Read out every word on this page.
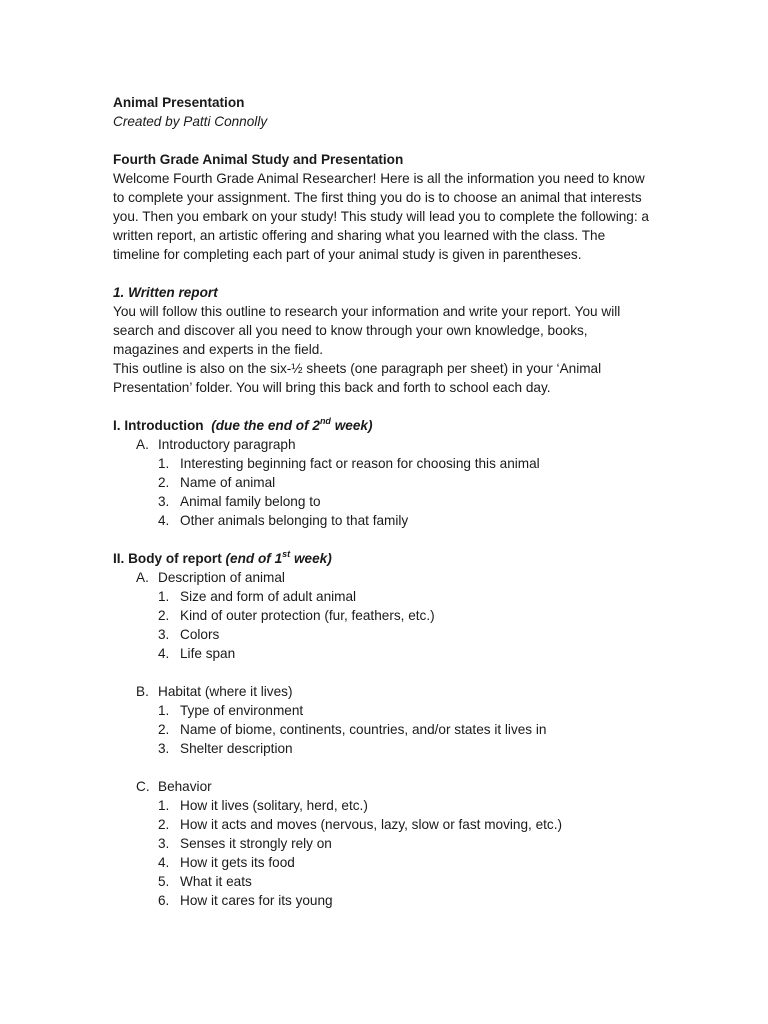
Animal Presentation

Created by Patti Connolly

Fourth Grade Animal Study and Presentation

Welcome Fourth Grade Animal Researcher! Here is all the information you need to know to complete your assignment. The first thing you do is to choose an animal that interests you. Then you embark on your study! This study will lead you to complete the following: a written report, an artistic offering and sharing what you learned with the class. The timeline for completing each part of your animal study is given in parentheses.

1. Written report

You will follow this outline to research your information and write your report. You will search and discover all you need to know through your own knowledge, books, magazines and experts in the field.

This outline is also on the six-½ sheets (one paragraph per sheet) in your ‘Animal Presentation’ folder. You will bring this back and forth to school each day.

I. Introduction (due the end of 2nd week)

A. Introductory paragraph
1. Interesting beginning fact or reason for choosing this animal
2. Name of animal
3. Animal family belong to
4. Other animals belonging to that family

II. Body of report (end of 1st week)

A. Description of animal
1. Size and form of adult animal
2. Kind of outer protection (fur, feathers, etc.)
3. Colors
4. Life span
B. Habitat (where it lives)
1. Type of environment
2. Name of biome, continents, countries, and/or states it lives in
3. Shelter description
C. Behavior
1. How it lives (solitary, herd, etc.)
2. How it acts and moves (nervous, lazy, slow or fast moving, etc.)
3. Senses it strongly rely on
4. How it gets its food
5. What it eats
6. How it cares for its young
